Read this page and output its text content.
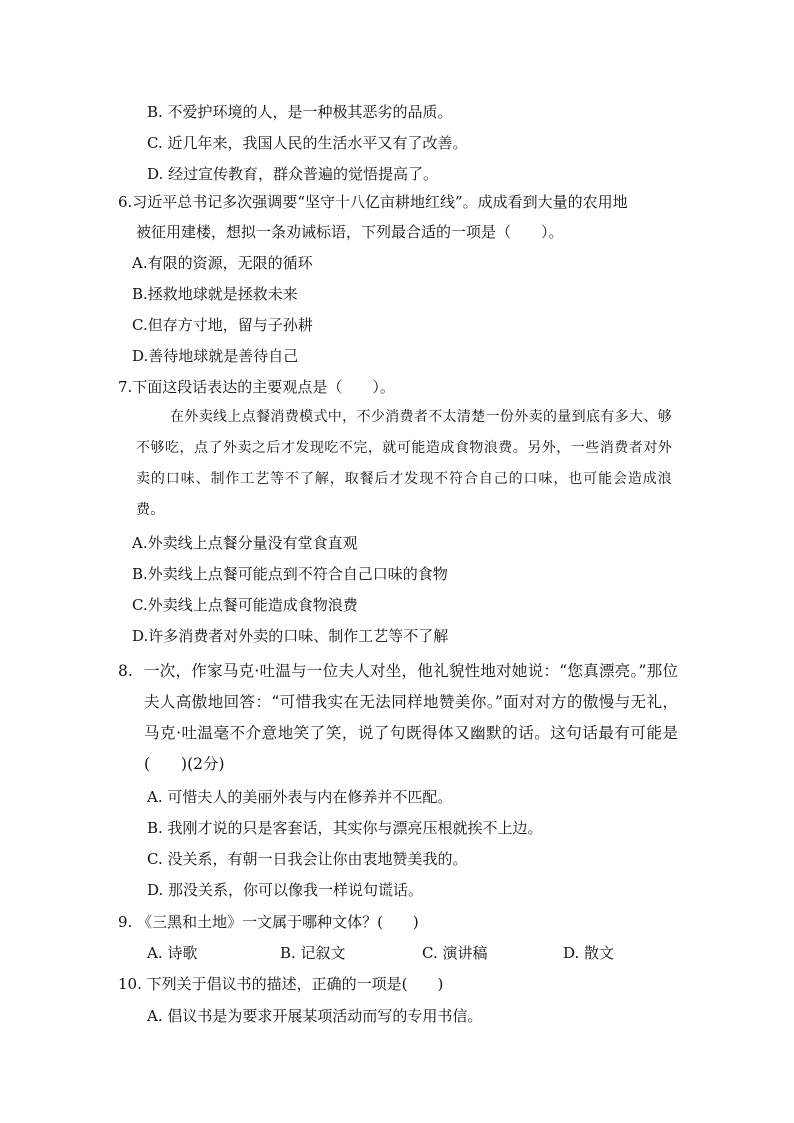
B. 不爱护环境的人，是一种极其恶劣的品质。
C. 近几年来，我国人民的生活水平又有了改善。
D. 经过宣传教育，群众普遍的觉悟提高了。
6.习近平总书记多次强调要“坚守十八亿亩耕地红线”。成成看到大量的农用地
被征用建楼，想拟一条劝诫标语，下列最合适的一项是（　　）。
A.有限的资源，无限的循环
B.拯救地球就是拯救未来
C.但存方寸地，留与子孙耕
D.善待地球就是善待自己
7.下面这段话表达的主要观点是（　　）。
在外卖线上点餐消费模式中，不少消费者不太清楚一份外卖的量到底有多大、够不够吃，点了外卖之后才发现吃不完，就可能造成食物浪费。另外，一些消费者对外卖的口味、制作工艺等不了解，取餐后才发现不符合自己的口味，也可能会造成浪费。
A.外卖线上点餐分量没有堂食直观
B.外卖线上点餐可能点到不符合自己口味的食物
C.外卖线上点餐可能造成食物浪费
D.许多消费者对外卖的口味、制作工艺等不了解
8. 一次，作家马克·吐温与一位夫人对坐，他礼貌性地对她说：“您真漂亮。”那位夫人高傲地回答：“可惜我实在无法同样地赞美你。”面对对方的傲慢与无礼，马克·吐温毫不介意地笑了笑，说了句既得体又幽默的话。这句话最有可能是(　　)(2分)
A. 可惜夫人的美丽外表与内在修养并不匹配。
B. 我刚才说的只是客套话，其实你与漂亮压根就挨不上边。
C. 没关系，有朝一日我会让你由衷地赞美我的。
D. 那没关系，你可以像我一样说句谎话。
9. 《三黑和土地》一文属于哪种文体？(　　)
A. 诗歌	B. 记叙文	C. 演讲稿	D. 散文
10. 下列关于倡议书的描述，正确的一项是(　　)
A. 倡议书是为要求开展某项活动而写的专用书信。
